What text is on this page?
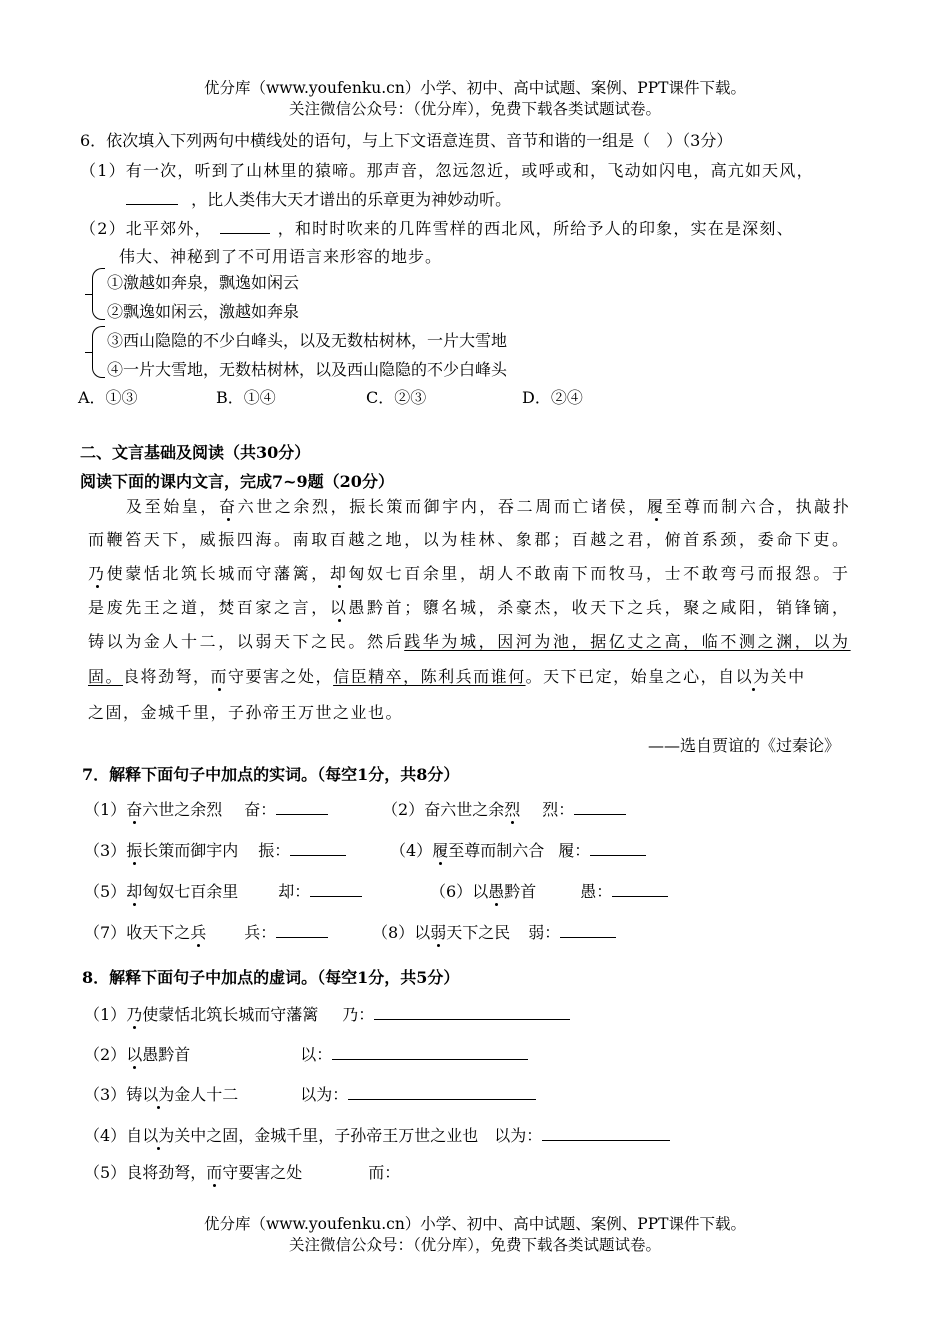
优分库（www.youfenku.cn）小学、初中、高中试题、案例、PPT课件下载。
关注微信公众号：（优分库），免费下载各类试题试卷。
6．依次填入下列两句中横线处的语句，与上下文语意连贯、音节和谐的一组是（　）（3分）
（1）有一次，听到了山林里的猿啼。那声音，忽远忽近，或呼或和，飞动如闪电，高亢如天风，
，比人类伟大天才谱出的乐章更为神妙动听。
（2）北平郊外，	，和时时吹来的几阵雪样的西北风，所给予人的印象，实在是深刻、
伟大、神秘到了不可用语言来形容的地步。
①激越如奔泉，飘逸如闲云
②飘逸如闲云，激越如奔泉
③西山隐隐的不少白峰头，以及无数枯树林，一片大雪地
④一片大雪地，无数枯树林，以及西山隐隐的不少白峰头
A．①③	B．①④	C．②③	D．②④
二、文言基础及阅读（共30分）
阅读下面的课内文言，完成7~9题（20分）
及至始皇，奋六世之余烈，振长策而御宇内，吞二周而亡诸侯，履至尊而制六合，执敲扑
而鞭笞天下，威振四海。南取百越之地，以为桂林、象郡；百越之君，俯首系颈，委命下吏。
乃使蒙恬北筑长城而守藩篱，却匈奴七百余里，胡人不敢南下而牧马，士不敢弯弓而报怨。于
是废先王之道，焚百家之言，以愚黔首；隳名城，杀豪杰，收天下之兵，聚之咸阳，销锋镝，
铸以为金人十二，以弱天下之民。然后践华为城，因河为池，据亿丈之高，临不测之渊，以为
固。良将劲弩，而守要害之处，信臣精卒，陈利兵而谁何。天下已定，始皇之心，自以为关中
之固，金城千里，子孙帝王万世之业也。
——选自贾谊的《过秦论》
7．解释下面句子中加点的实词。（每空1分，共8分）
（1）奋六世之余烈 奋：	（2）奋六世之余烈 烈：
（3）振长策而御宇内 振：	（4）履至尊而制六合 履：
（5）却匈奴七百余里	却：	（6）以愚黔首	愚：
（7）收天下之兵 兵：	（8）以弱天下之民 弱：
8．解释下面句子中加点的虚词。（每空1分，共5分）
（1）乃使蒙恬北筑长城而守藩篱 乃：
（2）以愚黔首	以：
（3）铸以为金人十二	以为：
（4）自以为关中之固，金城千里，子孙帝王万世之业也 以为：
（5）良将劲弩，而守要害之处	而：
优分库（www.youfenku.cn）小学、初中、高中试题、案例、PPT课件下载。
关注微信公众号：（优分库），免费下载各类试题试卷。
